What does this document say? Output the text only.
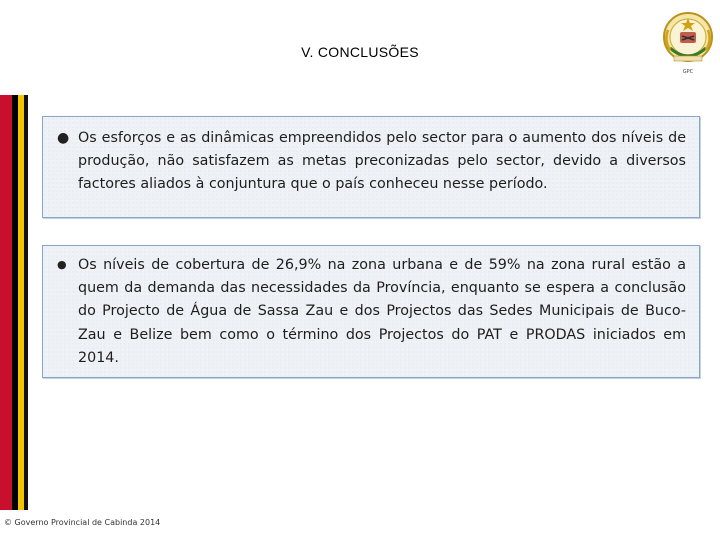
V. CONCLUSÕES
GPC
● Os esforços e as dinâmicas empreendidos pelo sector para o aumento dos níveis de produção, não satisfazem as metas preconizadas pelo sector, devido a diversos factores aliados à conjuntura que o país conheceu nesse período.

● Os níveis de cobertura de 26,9% na zona urbana e de 59% na zona rural estão a quem da demanda das necessidades da Província, enquanto se espera a conclusão do Projecto de Água de Sassa Zau e dos Projectos das Sedes Municipais de Buco-Zau e Belize bem como o término dos Projectos do PAT e PRODAS iniciados em 2014.

© Governo Provincial de Cabinda 2014
